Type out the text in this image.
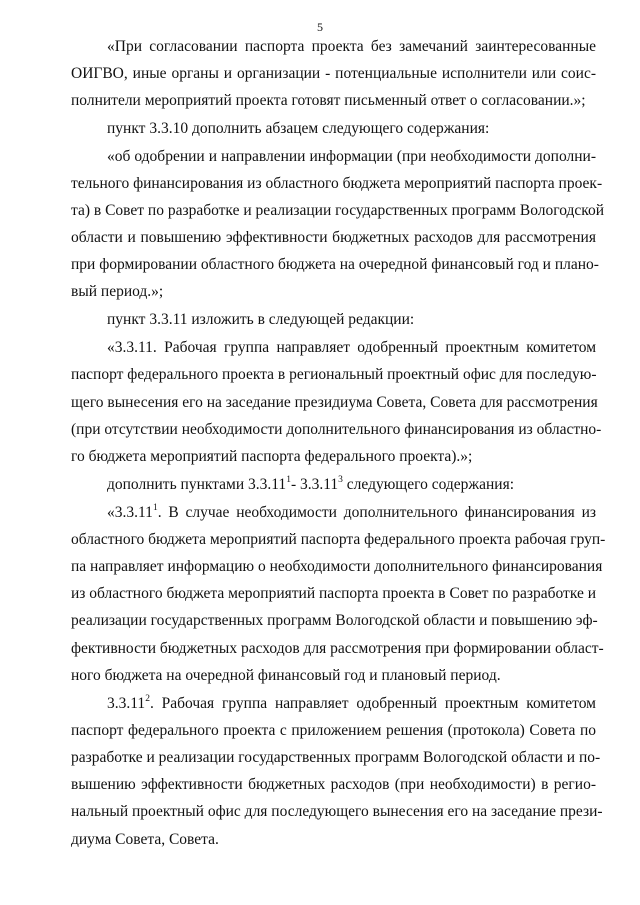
5
«При согласовании паспорта проекта без замечаний заинтересованные
ОИГВО, иные органы и организации - потенциальные исполнители или соис-
полнители мероприятий проекта готовят письменный ответ о согласовании.»;
пункт 3.3.10 дополнить абзацем следующего содержания:
«об одобрении и направлении информации (при необходимости дополни-
тельного финансирования из областного бюджета мероприятий паспорта проек-
та) в Совет по разработке и реализации государственных программ Вологодской
области и повышению эффективности бюджетных расходов для рассмотрения
при формировании областного бюджета на очередной финансовый год и планo-
вый период.»;
пункт 3.3.11 изложить в следующей редакции:
«3.3.11. Рабочая группа направляет одобренный проектным комитетом
паспорт федерального проекта в региональный проектный офис для последую-
щего вынесения его на заседание президиума Совета, Совета для рассмотрения
(при отсутствии необходимости дополнительного финансирования из областно-
го бюджета мероприятий паспорта федерального проекта).»;
дополнить пунктами 3.3.11$^1$- 3.3.11$^3$ следующего содержания:
«3.3.11$^1$. В случае необходимости дополнительного финансирования из
областного бюджета мероприятий паспорта федерального проекта рабочая груп-
па направляет информацию о необходимости дополнительного финансирования
из областного бюджета мероприятий паспорта проекта в Совет по разработке и
реализации государственных программ Вологодской области и повышению эф-
фективности бюджетных расходов для рассмотрения при формировании облаcт-
ного бюджета на очередной финансовый год и плановый период.
3.3.11$^2$. Рабочая группа направляет одобренный проектным комитетом
паспорт федерального проекта с приложением решения (протокола) Совета по
разработке и реализации государственных программ Вологодской области и по-
вышению эффективности бюджетных расходов (при необходимости) в регио-
нальный проектный офис для последующего вынесения его на заседание прези-
диума Совета, Совета.
